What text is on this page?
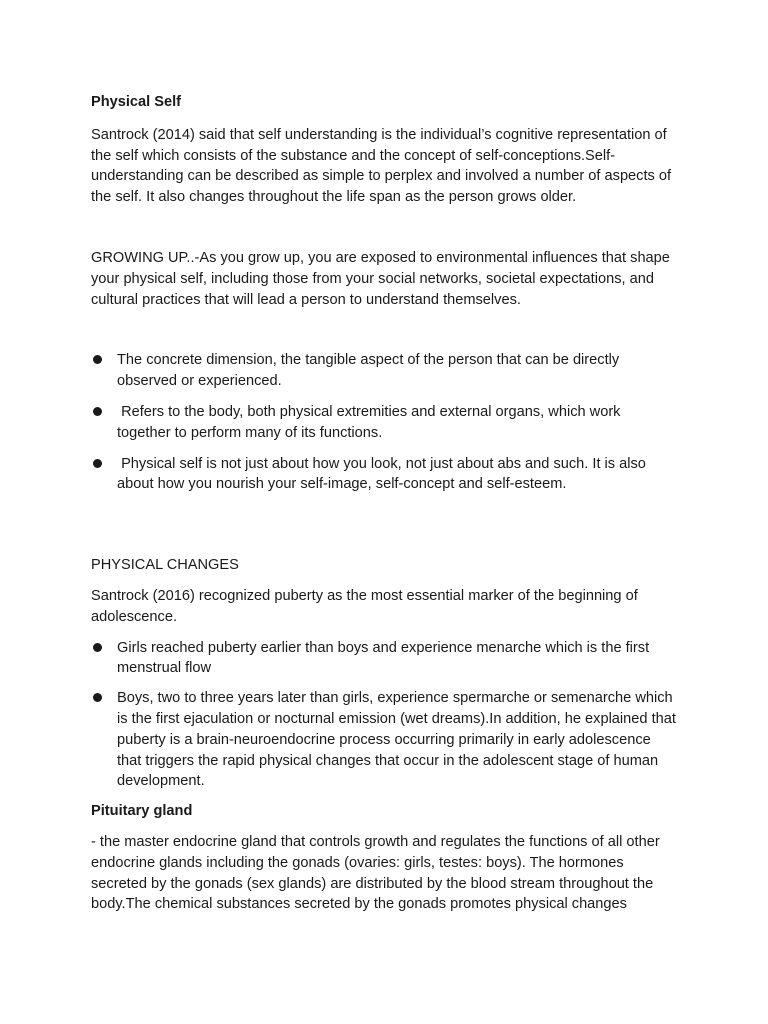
Physical Self

Santrock (2014) said that self understanding is the individual’s cognitive representation of the self which consists of the substance and the concept of self-conceptions.Self-understanding can be described as simple to perplex and involved a number of aspects of the self. It also changes throughout the life span as the person grows older.

GROWING UP..-As you grow up, you are exposed to environmental influences that shape your physical self, including those from your social networks, societal expectations, and cultural practices that will lead a person to understand themselves.

The concrete dimension, the tangible aspect of the person that can be directly observed or experienced.
Refers to the body, both physical extremities and external organs, which work together to perform many of its functions.
Physical self is not just about how you look, not just about abs and such. It is also about how you nourish your self-image, self-concept and self-esteem.

PHYSICAL CHANGES

Santrock (2016) recognized puberty as the most essential marker of the beginning of adolescence.

Girls reached puberty earlier than boys and experience menarche which is the first menstrual flow
Boys, two to three years later than girls, experience spermarche or semenarche which is the first ejaculation or nocturnal emission (wet dreams).In addition, he explained that puberty is a brain-neuroendocrine process occurring primarily in early adolescence that triggers the rapid physical changes that occur in the adolescent stage of human development.

Pituitary gland

- the master endocrine gland that controls growth and regulates the functions of all other endocrine glands including the gonads (ovaries: girls, testes: boys). The hormones secreted by the gonads (sex glands) are distributed by the blood stream throughout the body.The chemical substances secreted by the gonads promotes physical changes
